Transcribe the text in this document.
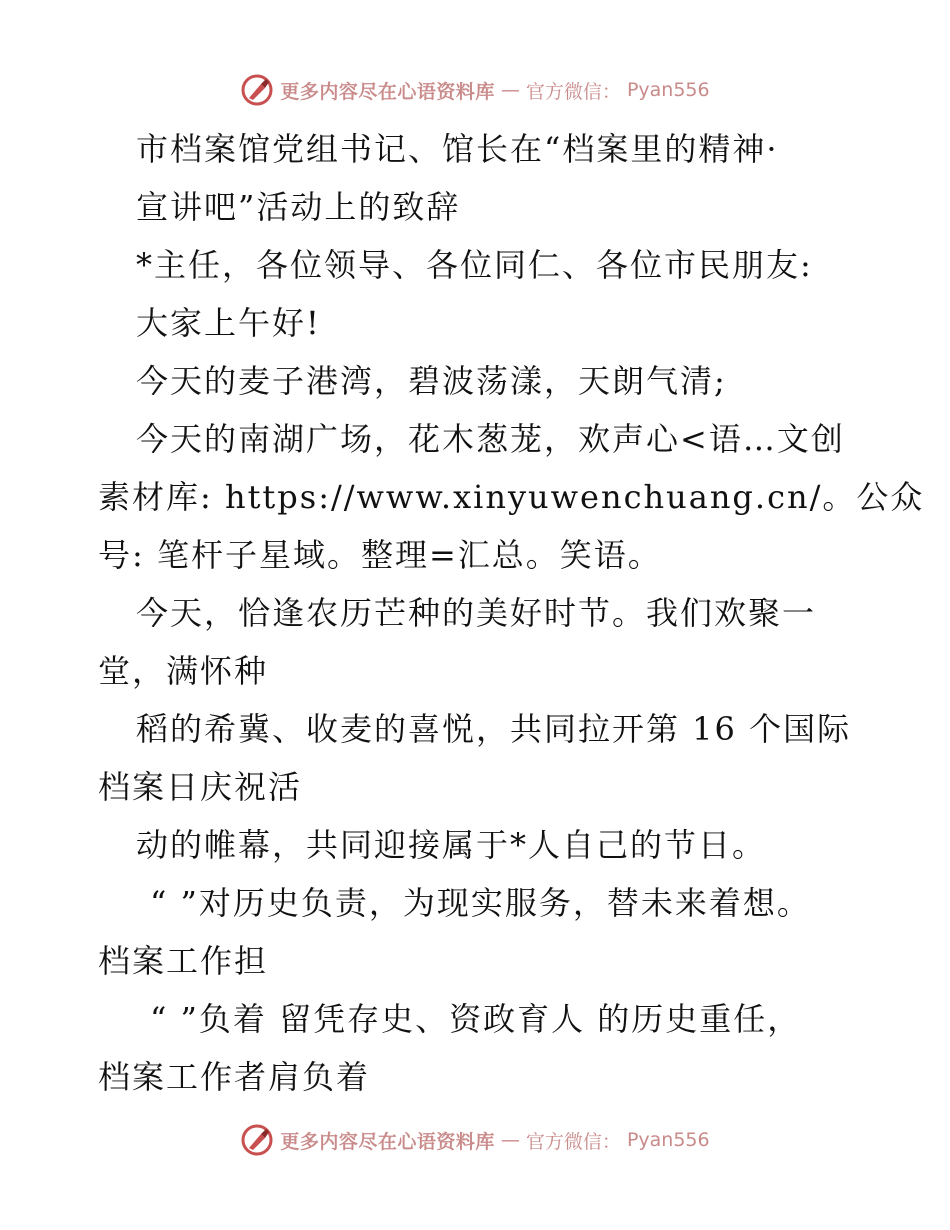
更多内容尽在心语资料库 — 官方微信： Pyan556
市档案馆党组书记、馆长在“档案里的精神·
宣讲吧”活动上的致辞
*主任，各位领导、各位同仁、各位市民朋友:
大家上午好!
今天的麦子港湾，碧波荡漾，天朗气清;
今天的南湖广场，花木葱茏，欢声心<语…文创
素材库: https://www.xinyuwenchuang.cn/。公众
号: 笔杆子星域。整理=汇总。笑语。
今天，恰逢农历芒种的美好时节。我们欢聚一
堂，满怀种
稻的希冀、收麦的喜悦，共同拉开第 16 个国际
档案日庆祝活
动的帷幕，共同迎接属于*人自己的节日。
“ ”对历史负责，为现实服务，替未来着想。
档案工作担
“ ”负着 留凭存史、资政育人 的历史重任，
档案工作者肩负着
更多内容尽在心语资料库 — 官方微信： Pyan556
